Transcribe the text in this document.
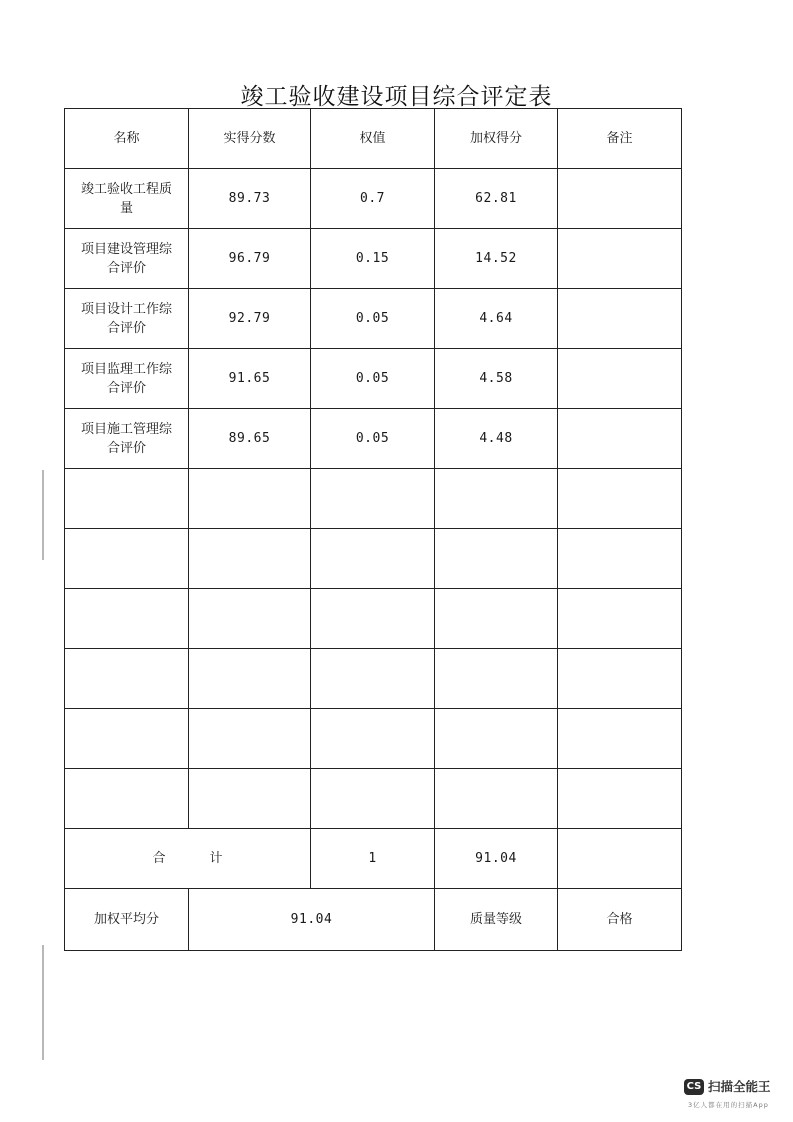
竣工验收建设项目综合评定表
名称	实得分数	权值	加权得分	备注
竣工验收工程质量	89.73	0.7	62.81	
项目建设管理综合评价	96.79	0.15	14.52	
项目设计工作综合评价	92.79	0.05	4.64	
项目监理工作综合评价	91.65	0.05	4.58	
项目施工管理综合评价	89.65	0.05	4.48	

合 计		1	91.04	
加权平均分	91.04		质量等级	合格
CS 扫描全能王
3亿人都在用的扫描App
